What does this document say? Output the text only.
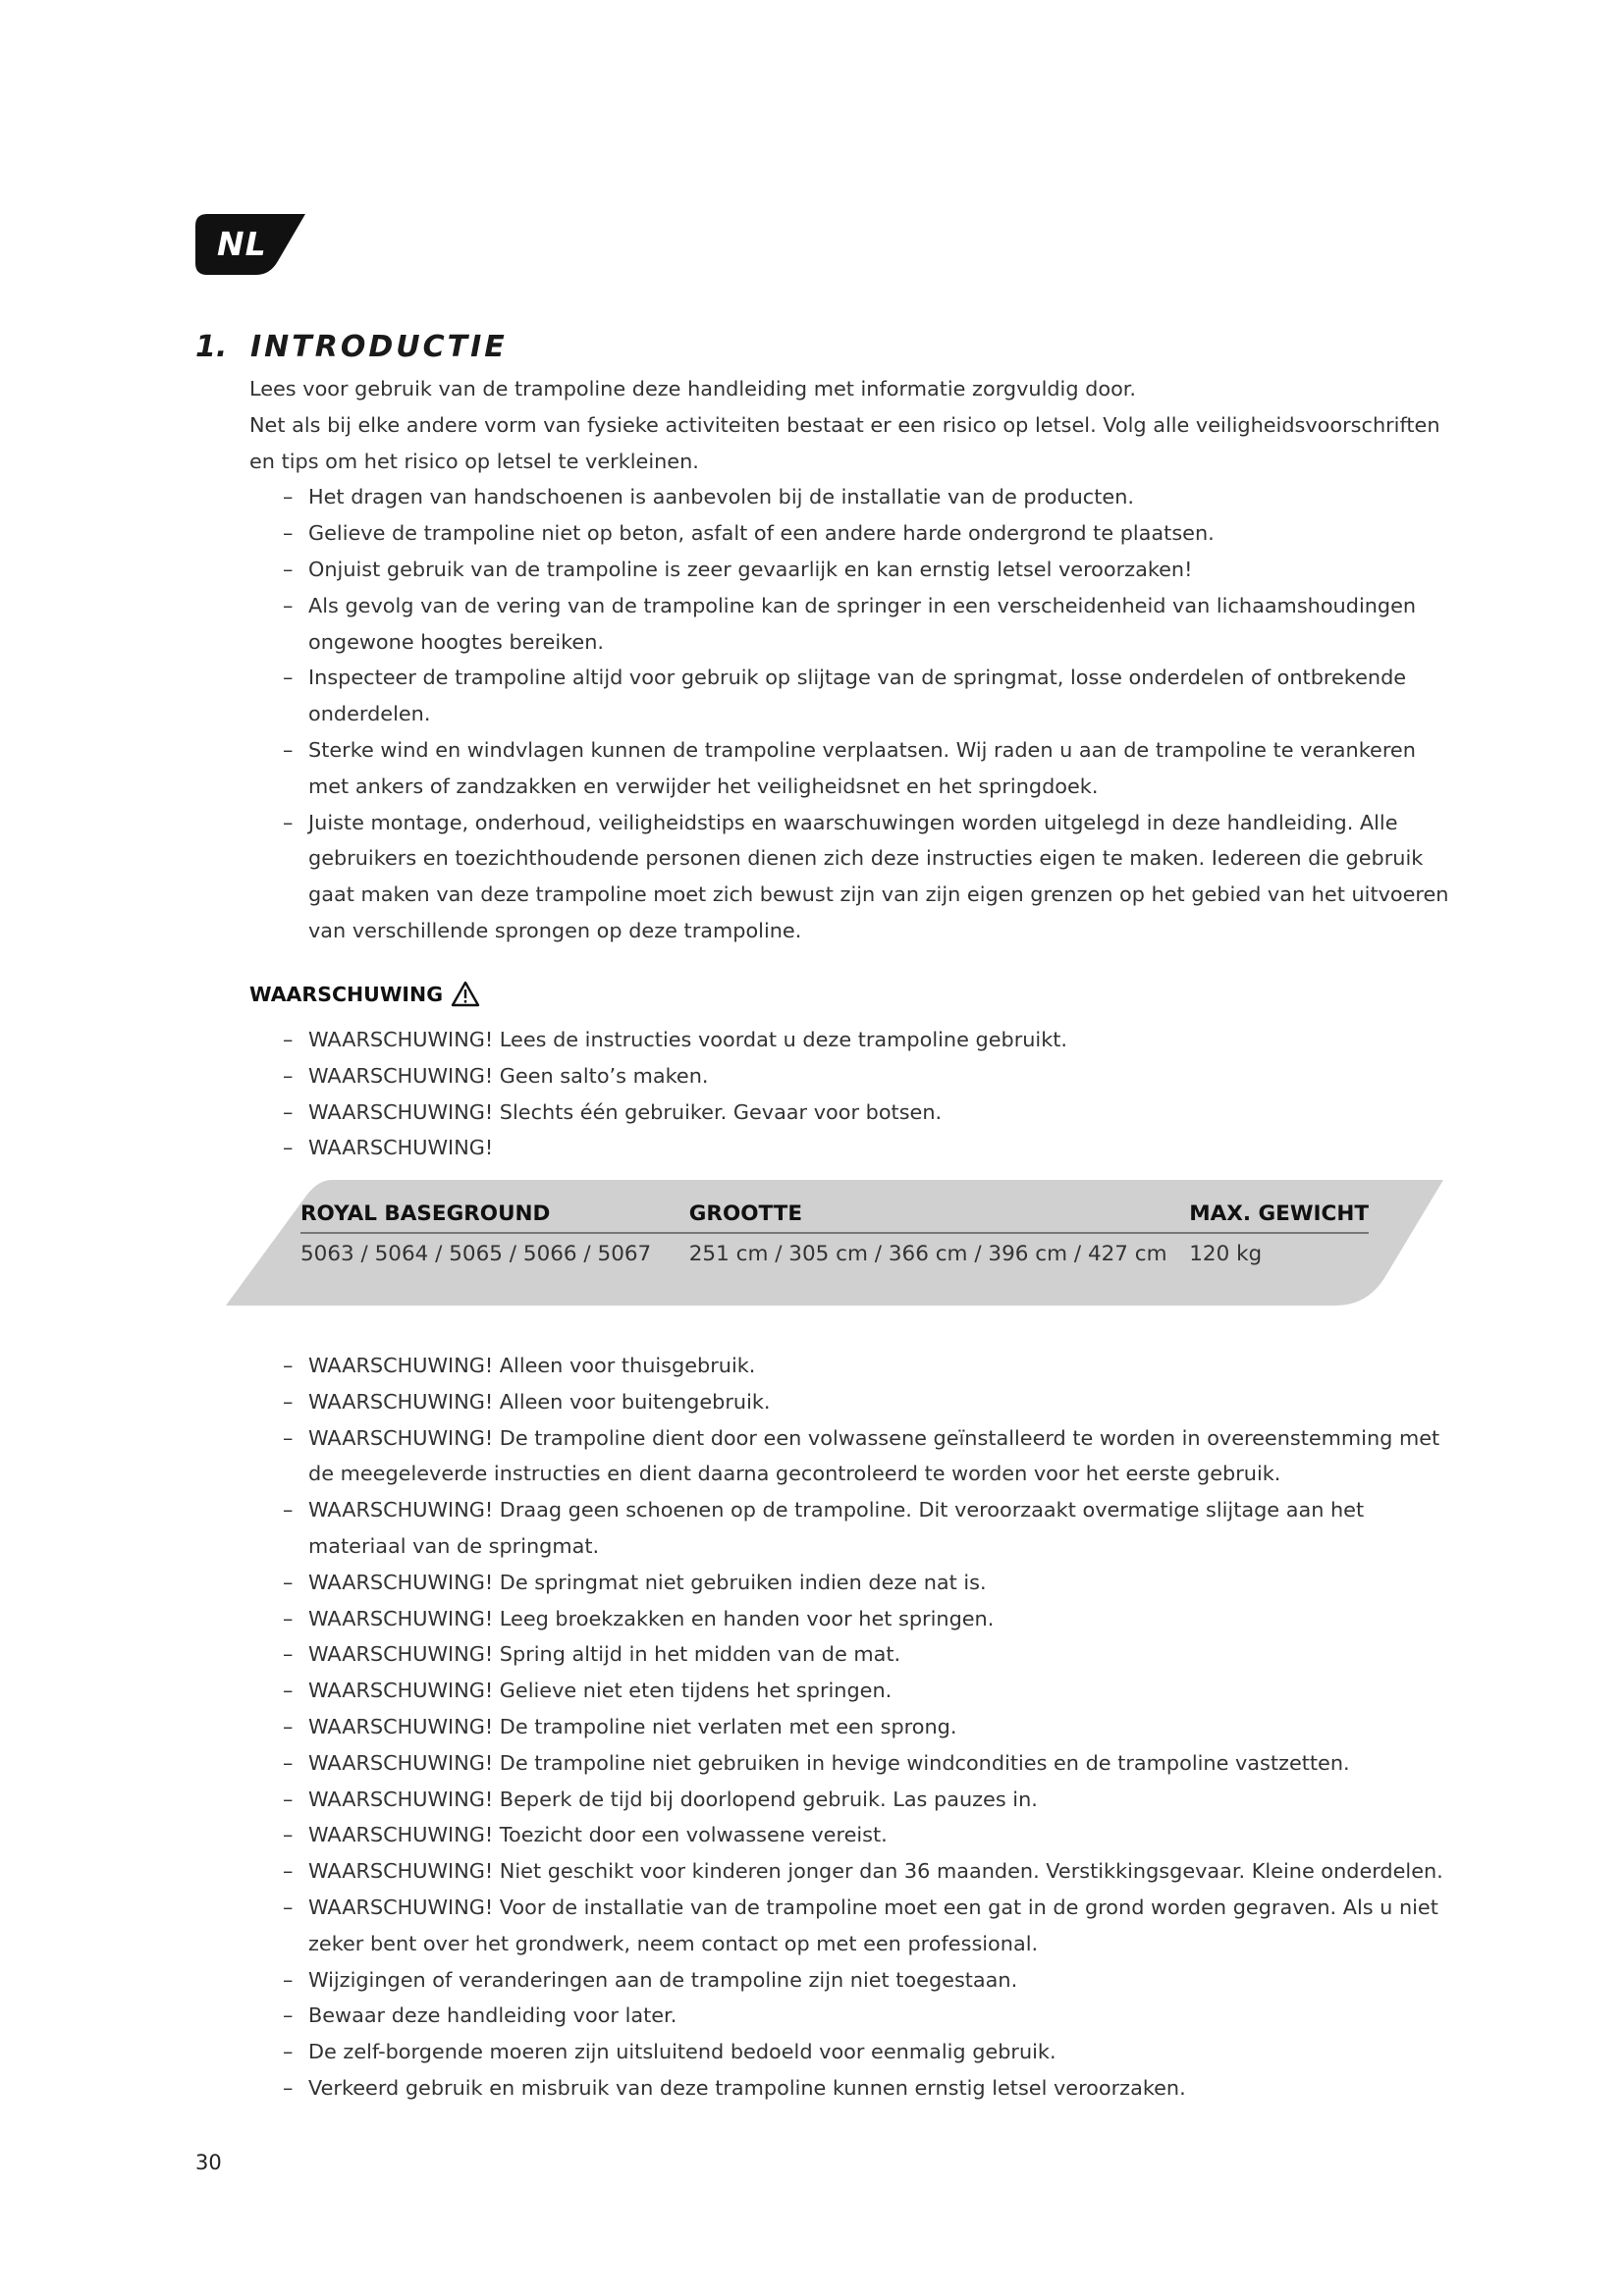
NL
1. INTRODUCTIE

Lees voor gebruik van de trampoline deze handleiding met informatie zorgvuldig door.

Net als bij elke andere vorm van fysieke activiteiten bestaat er een risico op letsel. Volg alle veiligheidsvoorschriften en tips om het risico op letsel te verkleinen.

– Het dragen van handschoenen is aanbevolen bij de installatie van de producten.

– Gelieve de trampoline niet op beton, asfalt of een andere harde ondergrond te plaatsen.

– Onjuist gebruik van de trampoline is zeer gevaarlijk en kan ernstig letsel veroorzaken!

– Als gevolg van de vering van de trampoline kan de springer in een verscheidenheid van lichaamshoudingen ongewone hoogtes bereiken.

– Inspecteer de trampoline altijd voor gebruik op slijtage van de springmat, losse onderdelen of ontbrekende onderdelen.

– Sterke wind en windvlagen kunnen de trampoline verplaatsen. Wij raden u aan de trampoline te verankeren met ankers of zandzakken en verwijder het veiligheidsnet en het springdoek.

– Juiste montage, onderhoud, veiligheidstips en waarschuwingen worden uitgelegd in deze handleiding. Alle gebruikers en toezichthoudende personen dienen zich deze instructies eigen te maken. Iedereen die gebruik gaat maken van deze trampoline moet zich bewust zijn van zijn eigen grenzen op het gebied van het uitvoeren van verschillende sprongen op deze trampoline.

WAARSCHUWING

– WAARSCHUWING! Lees de instructies voordat u deze trampoline gebruikt.

– WAARSCHUWING! Geen salto’s maken.

– WAARSCHUWING! Slechts één gebruiker. Gevaar voor botsen.

– WAARSCHUWING!

ROYAL BASEGROUND	GROOTTE	MAX. GEWICHT
5063 / 5064 / 5065 / 5066 / 5067	251 cm / 305 cm / 366 cm / 396 cm / 427 cm	120 kg

– WAARSCHUWING! Alleen voor thuisgebruik.

– WAARSCHUWING! Alleen voor buitengebruik.

– WAARSCHUWING! De trampoline dient door een volwassene geïnstalleerd te worden in overeenstemming met de meegeleverde instructies en dient daarna gecontroleerd te worden voor het eerste gebruik.

– WAARSCHUWING! Draag geen schoenen op de trampoline. Dit veroorzaakt overmatige slijtage aan het materiaal van de springmat.

– WAARSCHUWING! De springmat niet gebruiken indien deze nat is.

– WAARSCHUWING! Leeg broekzakken en handen voor het springen.

– WAARSCHUWING! Spring altijd in het midden van de mat.

– WAARSCHUWING! Gelieve niet eten tijdens het springen.

– WAARSCHUWING! De trampoline niet verlaten met een sprong.

– WAARSCHUWING! De trampoline niet gebruiken in hevige windcondities en de trampoline vastzetten.

– WAARSCHUWING! Beperk de tijd bij doorlopend gebruik. Las pauzes in.

– WAARSCHUWING! Toezicht door een volwassene vereist.

– WAARSCHUWING! Niet geschikt voor kinderen jonger dan 36 maanden. Verstikkingsgevaar. Kleine onderdelen.

– WAARSCHUWING! Voor de installatie van de trampoline moet een gat in de grond worden gegraven. Als u niet zeker bent over het grondwerk, neem contact op met een professional.

– Wijzigingen of veranderingen aan de trampoline zijn niet toegestaan.

– Bewaar deze handleiding voor later.

– De zelf-borgende moeren zijn uitsluitend bedoeld voor eenmalig gebruik.

– Verkeerd gebruik en misbruik van deze trampoline kunnen ernstig letsel veroorzaken.

30
